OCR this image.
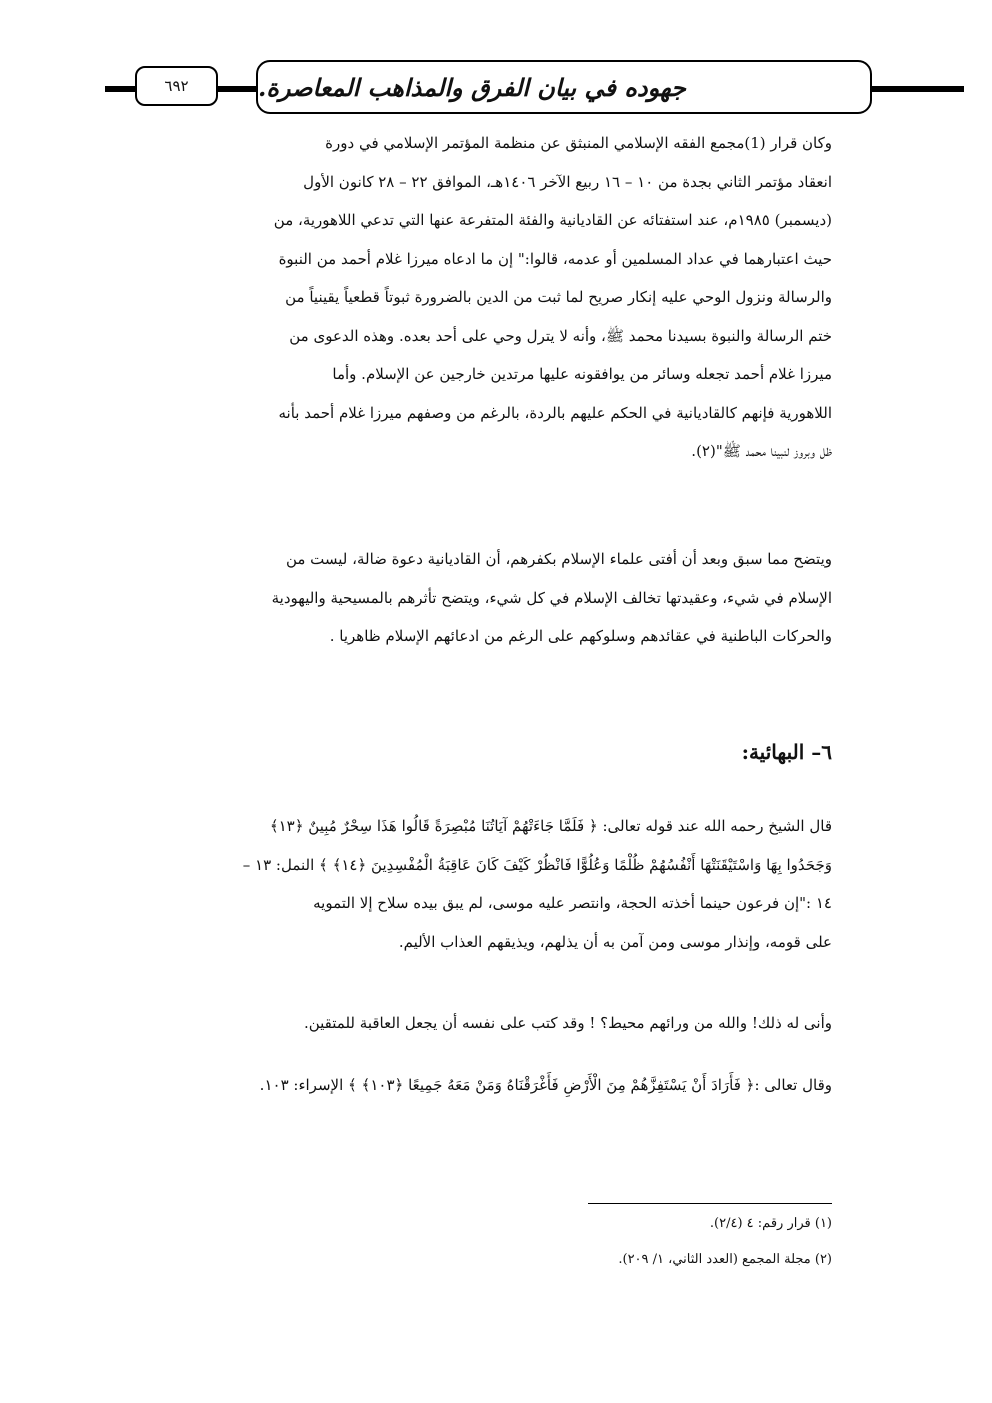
٦٩٢	جهوده في بيان الفرق والمذاهب المعاصرة.
وكان قرار (1)مجمع الفقه الإسلامي المنبثق عن منظمة المؤتمر الإسلامي في دورة
انعقاد مؤتمر الثاني بجدة من ١٠ – ١٦ ربيع الآخر ١٤٠٦هـ، الموافق ٢٢ – ٢٨ كانون الأول
(ديسمبر) ١٩٨٥م، عند استفتائه عن القاديانية والفئة المتفرعة عنها التي تدعي اللاهورية، من
حيث اعتبارهما في عداد المسلمين أو عدمه، قالوا:" إن ما ادعاه ميرزا غلام أحمد من النبوة
والرسالة ونزول الوحي عليه إنكار صريح لما ثبت من الدين بالضرورة ثبوتاً قطعياً يقينياً من
ختم الرسالة والنبوة بسيدنا محمد ﷺ، وأنه لا يترل وحي على أحد بعده. وهذه الدعوى من
ميرزا غلام أحمد تجعله وسائر من يوافقونه عليها مرتدين خارجين عن الإسلام. وأما
اللاهورية فإنهم كالقاديانية في الحكم عليهم بالردة، بالرغم من وصفهم ميرزا غلام أحمد بأنه
ظل وبروز لنبينا محمد ﷺ"(٢).
ويتضح مما سبق وبعد أن أفتى علماء الإسلام بكفرهم، أن القاديانية دعوة ضالة، ليست من
الإسلام في شيء، وعقيدتها تخالف الإسلام في كل شيء، ويتضح تأثرهم بالمسيحية واليهودية
والحركات الباطنية في عقائدهم وسلوكهم على الرغم من ادعائهم الإسلام ظاهريا .
٦– البهائية:
قال الشيخ رحمه الله عند قوله تعالى: ﴿ فَلَمَّا جَاءَتْهُمْ آيَاتُنَا مُبْصِرَةً قَالُوا هَذَا سِحْرٌ مُبِينٌ ﴿١٣﴾
وَجَحَدُوا بِهَا وَاسْتَيْقَنَتْهَا أَنْفُسُهُمْ ظُلْمًا وَعُلُوًّا فَانْظُرْ كَيْفَ كَانَ عَاقِبَةُ الْمُفْسِدِينَ ﴿١٤﴾ ﴾ النمل: ١٣ –
١٤ :"إن فرعون حينما أخذته الحجة، وانتصر عليه موسى، لم يبق بيده سلاح إلا التمويه
على قومه، وإنذار موسى ومن آمن به أن يذلهم، ويذيقهم العذاب الأليم.
وأنى له ذلك! والله من ورائهم محيط؟ ! وقد كتب على نفسه أن يجعل العاقبة للمتقين.
وقال تعالى :﴿ فَأَرَادَ أَنْ يَسْتَفِزَّهُمْ مِنَ الْأَرْضِ فَأَغْرَقْنَاهُ وَمَنْ مَعَهُ جَمِيعًا ﴿١٠٣﴾ ﴾ الإسراء: ١٠٣.
(١) قرار رقم: ٤ (٢/٤).
(٢) مجلة المجمع (العدد الثاني، ١/ ٢٠٩).
